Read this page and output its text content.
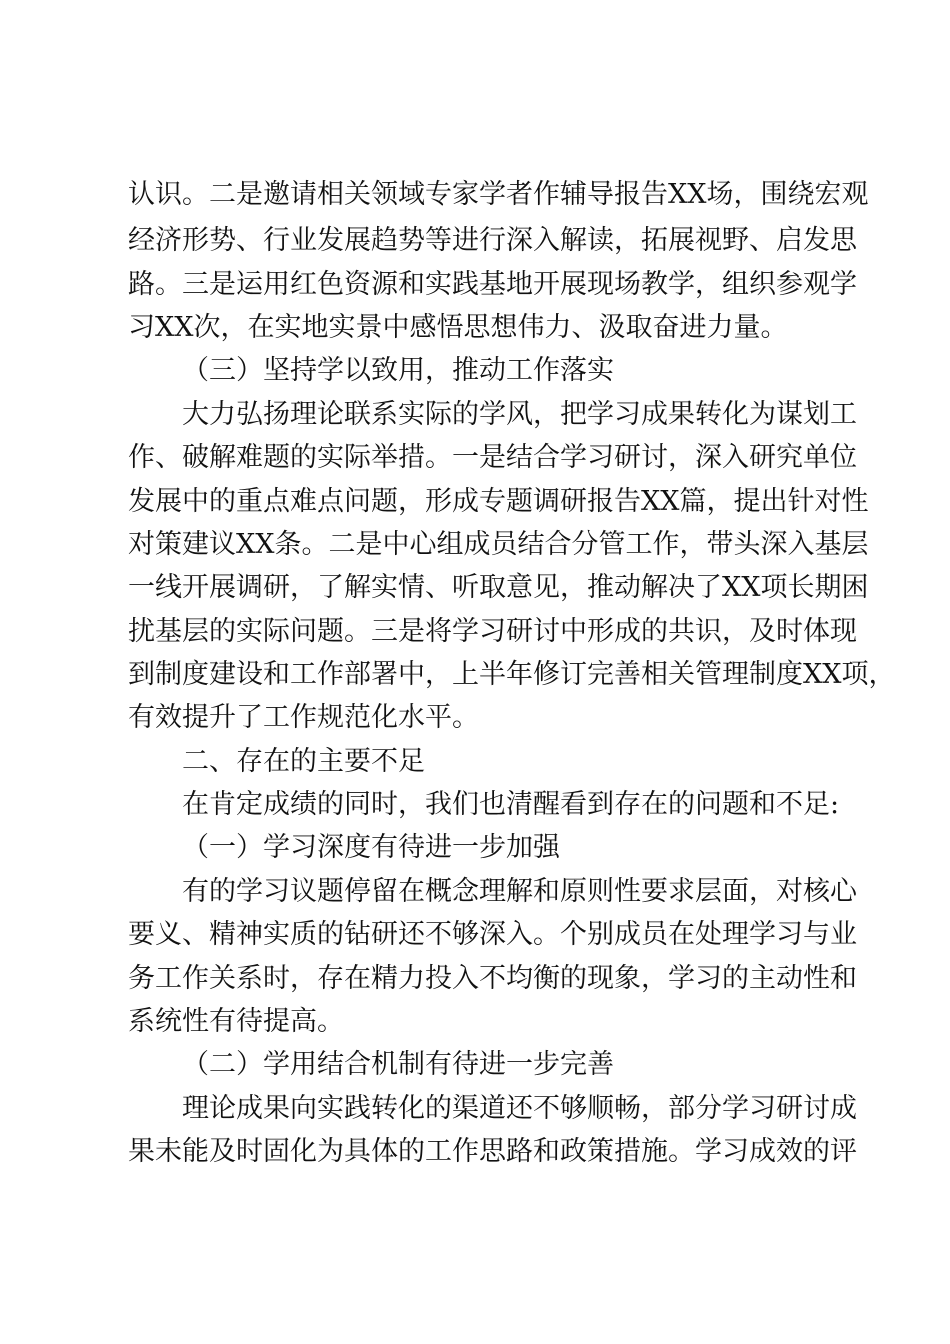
认识。二是邀请相关领域专家学者作辅导报告XX场，围绕宏观

经济形势、行业发展趋势等进行深入解读，拓展视野、启发思

路。三是运用红色资源和实践基地开展现场教学，组织参观学

习XX次，在实地实景中感悟思想伟力、汲取奋进力量。

（三）坚持学以致用，推动工作落实

大力弘扬理论联系实际的学风，把学习成果转化为谋划工

作、破解难题的实际举措。一是结合学习研讨，深入研究单位

发展中的重点难点问题，形成专题调研报告XX篇，提出针对性

对策建议XX条。二是中心组成员结合分管工作，带头深入基层

一线开展调研，了解实情、听取意见，推动解决了XX项长期困

扰基层的实际问题。三是将学习研讨中形成的共识，及时体现

到制度建设和工作部署中，上半年修订完善相关管理制度XX项，

有效提升了工作规范化水平。

二、存在的主要不足

在肯定成绩的同时，我们也清醒看到存在的问题和不足:

（一）学习深度有待进一步加强

有的学习议题停留在概念理解和原则性要求层面，对核心

要义、精神实质的钻研还不够深入。个别成员在处理学习与业

务工作关系时，存在精力投入不均衡的现象，学习的主动性和

系统性有待提高。

（二）学用结合机制有待进一步完善

理论成果向实践转化的渠道还不够顺畅，部分学习研讨成

果未能及时固化为具体的工作思路和政策措施。学习成效的评
